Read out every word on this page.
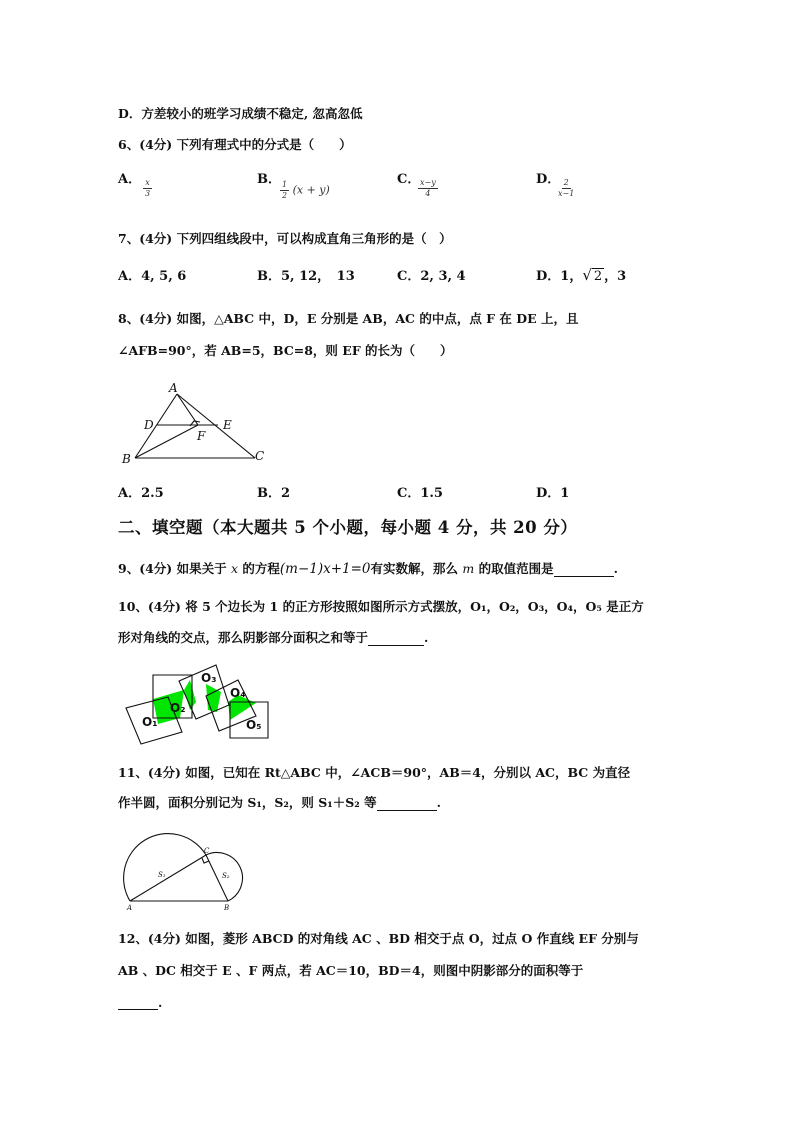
D．方差较小的班学习成绩不稳定, 忽高忽低
6、(4分) 下列有理式中的分式是（　　）
A． $\frac{x}{3}$	B．
$\frac{1}{2} (x + y)$
C．
$\frac{x-y}{4}$	D．
$\frac{2}{x-1}$
7、(4分) 下列四组线段中，可以构成直角三角形的是（　）
A．4, 5, 6	B．5, 12，　13	C．2, 3, 4	D．1，√ 2 ，3
8、(4分) 如图，△ABC 中，D，E 分别是 AB，AC 的中点，点 F 在 DE 上，且
∠AFB=90°，若 AB=5，BC=8，则 EF 的长为（　　）
A
B	C
D	E
F
A．2.5	B．2	C．1.5	D．1
二、填空题（本大题共 5 个小题，每小题 4 分，共 20 分）
9、(4分) 如果关于 x 的方程(m−1)x+1=0有实数解，那么 m 的取值范围是	.
10、(4分) 将 5 个边长为 1 的正方形按照如图所示方式摆放，O₁，O₂，O₃，O₄，O₅ 是正方
形对角线的交点，那么阴影部分面积之和等于	.
O₁
O₂
O₃
O₄
O₅
11、(4分) 如图，已知在 Rt△ABC 中，∠ACB＝90°，AB＝4，分别以 AC，BC 为直径
作半圆，面积分别记为 S₁，S₂，则 S₁＋S₂ 等	.
A	B
C
S₁	S₂
12、(4分) 如图，菱形 ABCD 的对角线 AC 、BD 相交于点 O，过点 O 作直线 EF 分别与
AB 、DC 相交于 E 、F 两点，若 AC＝10，BD＝4，则图中阴影部分的面积等于
.
